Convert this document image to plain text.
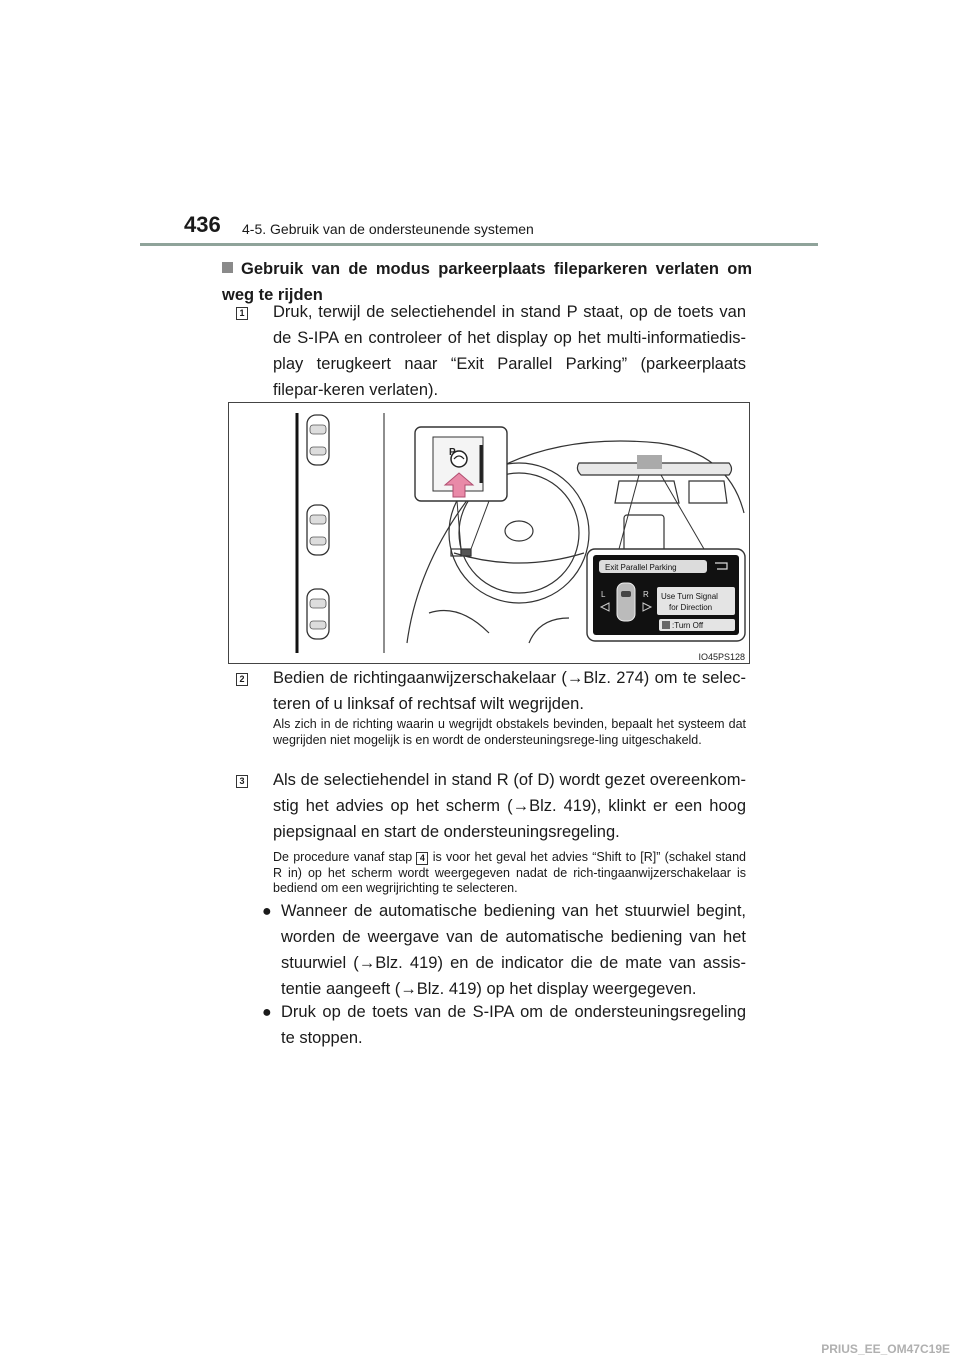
436 4-5. Gebruik van de ondersteunende systemen
Gebruik van de modus parkeerplaats fileparkeren verlaten om weg te rijden
1 Druk, terwijl de selectiehendel in stand P staat, op de toets van de S-IPA en controleer of het display op het multi-informatiedis-play terugkeert naar “Exit Parallel Parking” (parkeerplaats filepar-keren verlaten).
P
Exit Parallel Parking
L	R Use Turn Signal
for Direction
:Turn Off
IO45PS128
2 Bedien de richtingaanwijzerschakelaar (→Blz. 274) om te selec-teren of u linksaf of rechtsaf wilt wegrijden.
Als zich in de richting waarin u wegrijdt obstakels bevinden, bepaalt het systeem dat wegrijden niet mogelijk is en wordt de ondersteuningsrege-ling uitgeschakeld.
3 Als de selectiehendel in stand R (of D) wordt gezet overeenkom-stig het advies op het scherm (→Blz. 419), klinkt er een hoog piepsignaal en start de ondersteuningsregeling.
De procedure vanaf stap 4 is voor het geval het advies “Shift to [R]” (schakel stand R in) op het scherm wordt weergegeven nadat de rich-tingaanwijzerschakelaar is bediend om een wegrijrichting te selecteren.
● Wanneer de automatische bediening van het stuurwiel begint, worden de weergave van de automatische bediening van het stuurwiel (→Blz. 419) en de indicator die de mate van assis-tentie aangeeft (→Blz. 419) op het display weergegeven.
● Druk op de toets van de S-IPA om de ondersteuningsregeling te stoppen.
PRIUS_EE_OM47C19E
